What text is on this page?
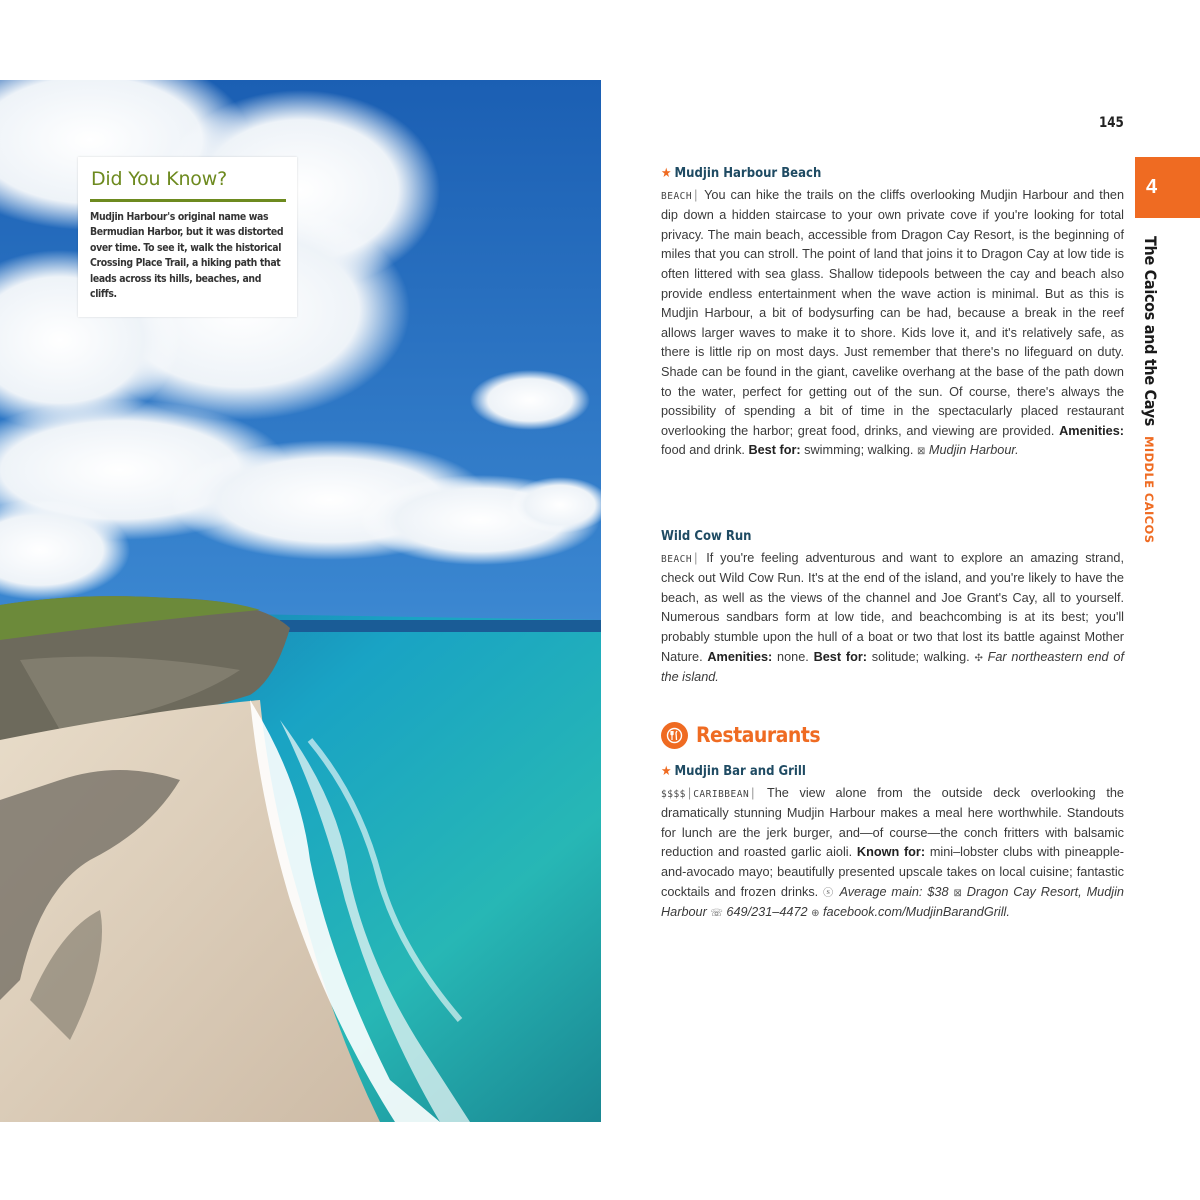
Did You Know?
Mudjin Harbour's original name was Bermudian Harbor, but it was distorted over time. To see it, walk the historical Crossing Place Trail, a hiking path that leads across its hills, beaches, and cliffs.
145
4
The Caicos and the CaysMIDDLE CAICOS
★ Mudjin Harbour Beach

BEACH | You can hike the trails on the cliffs overlooking Mudjin Harbour and then dip down a hidden staircase to your own private cove if you're looking for total privacy. The main beach, accessible from Dragon Cay Resort, is the beginning of miles that you can stroll. The point of land that joins it to Dragon Cay at low tide is often littered with sea glass. Shallow tidepools between the cay and beach also provide endless entertainment when the wave action is minimal. But as this is Mudjin Harbour, a bit of bodysurfing can be had, because a break in the reef allows larger waves to make it to shore. Kids love it, and it's relatively safe, as there is little rip on most days. Just remember that there's no lifeguard on duty. Shade can be found in the giant, cavelike overhang at the base of the path down to the water, perfect for getting out of the sun. Of course, there's always the possibility of spending a bit of time in the spectacularly placed restaurant overlooking the harbor; great food, drinks, and viewing are provided. Amenities: food and drink. Best for: swimming; walking. ⊠ Mudjin Harbour.

Wild Cow Run

BEACH | If you're feeling adventurous and want to explore an amazing strand, check out Wild Cow Run. It's at the end of the island, and you're likely to have the beach, as well as the views of the channel and Joe Grant's Cay, all to yourself. Numerous sandbars form at low tide, and beachcombing is at its best; you'll probably stumble upon the hull of a boat or two that lost its battle against Mother Nature. Amenities: none. Best for: solitude; walking. ✣ Far northeastern end of the island.

Restaurants
★ Mudjin Bar and Grill

$$$$ | CARIBBEAN | The view alone from the outside deck overlooking the dramatically stunning Mudjin Harbour makes a meal here worthwhile. Standouts for lunch are the jerk burger, and—of course—the conch fritters with balsamic reduction and roasted garlic aioli. Known for: mini–lobster clubs with pineapple-and-avocado mayo; beautifully presented upscale takes on local cuisine; fantastic cocktails and frozen drinks. ⓢ Average main: $38 ⊠ Dragon Cay Resort, Mudjin Harbour ☏ 649/231–4472 ⊕ facebook.com/MudjinBarandGrill.
